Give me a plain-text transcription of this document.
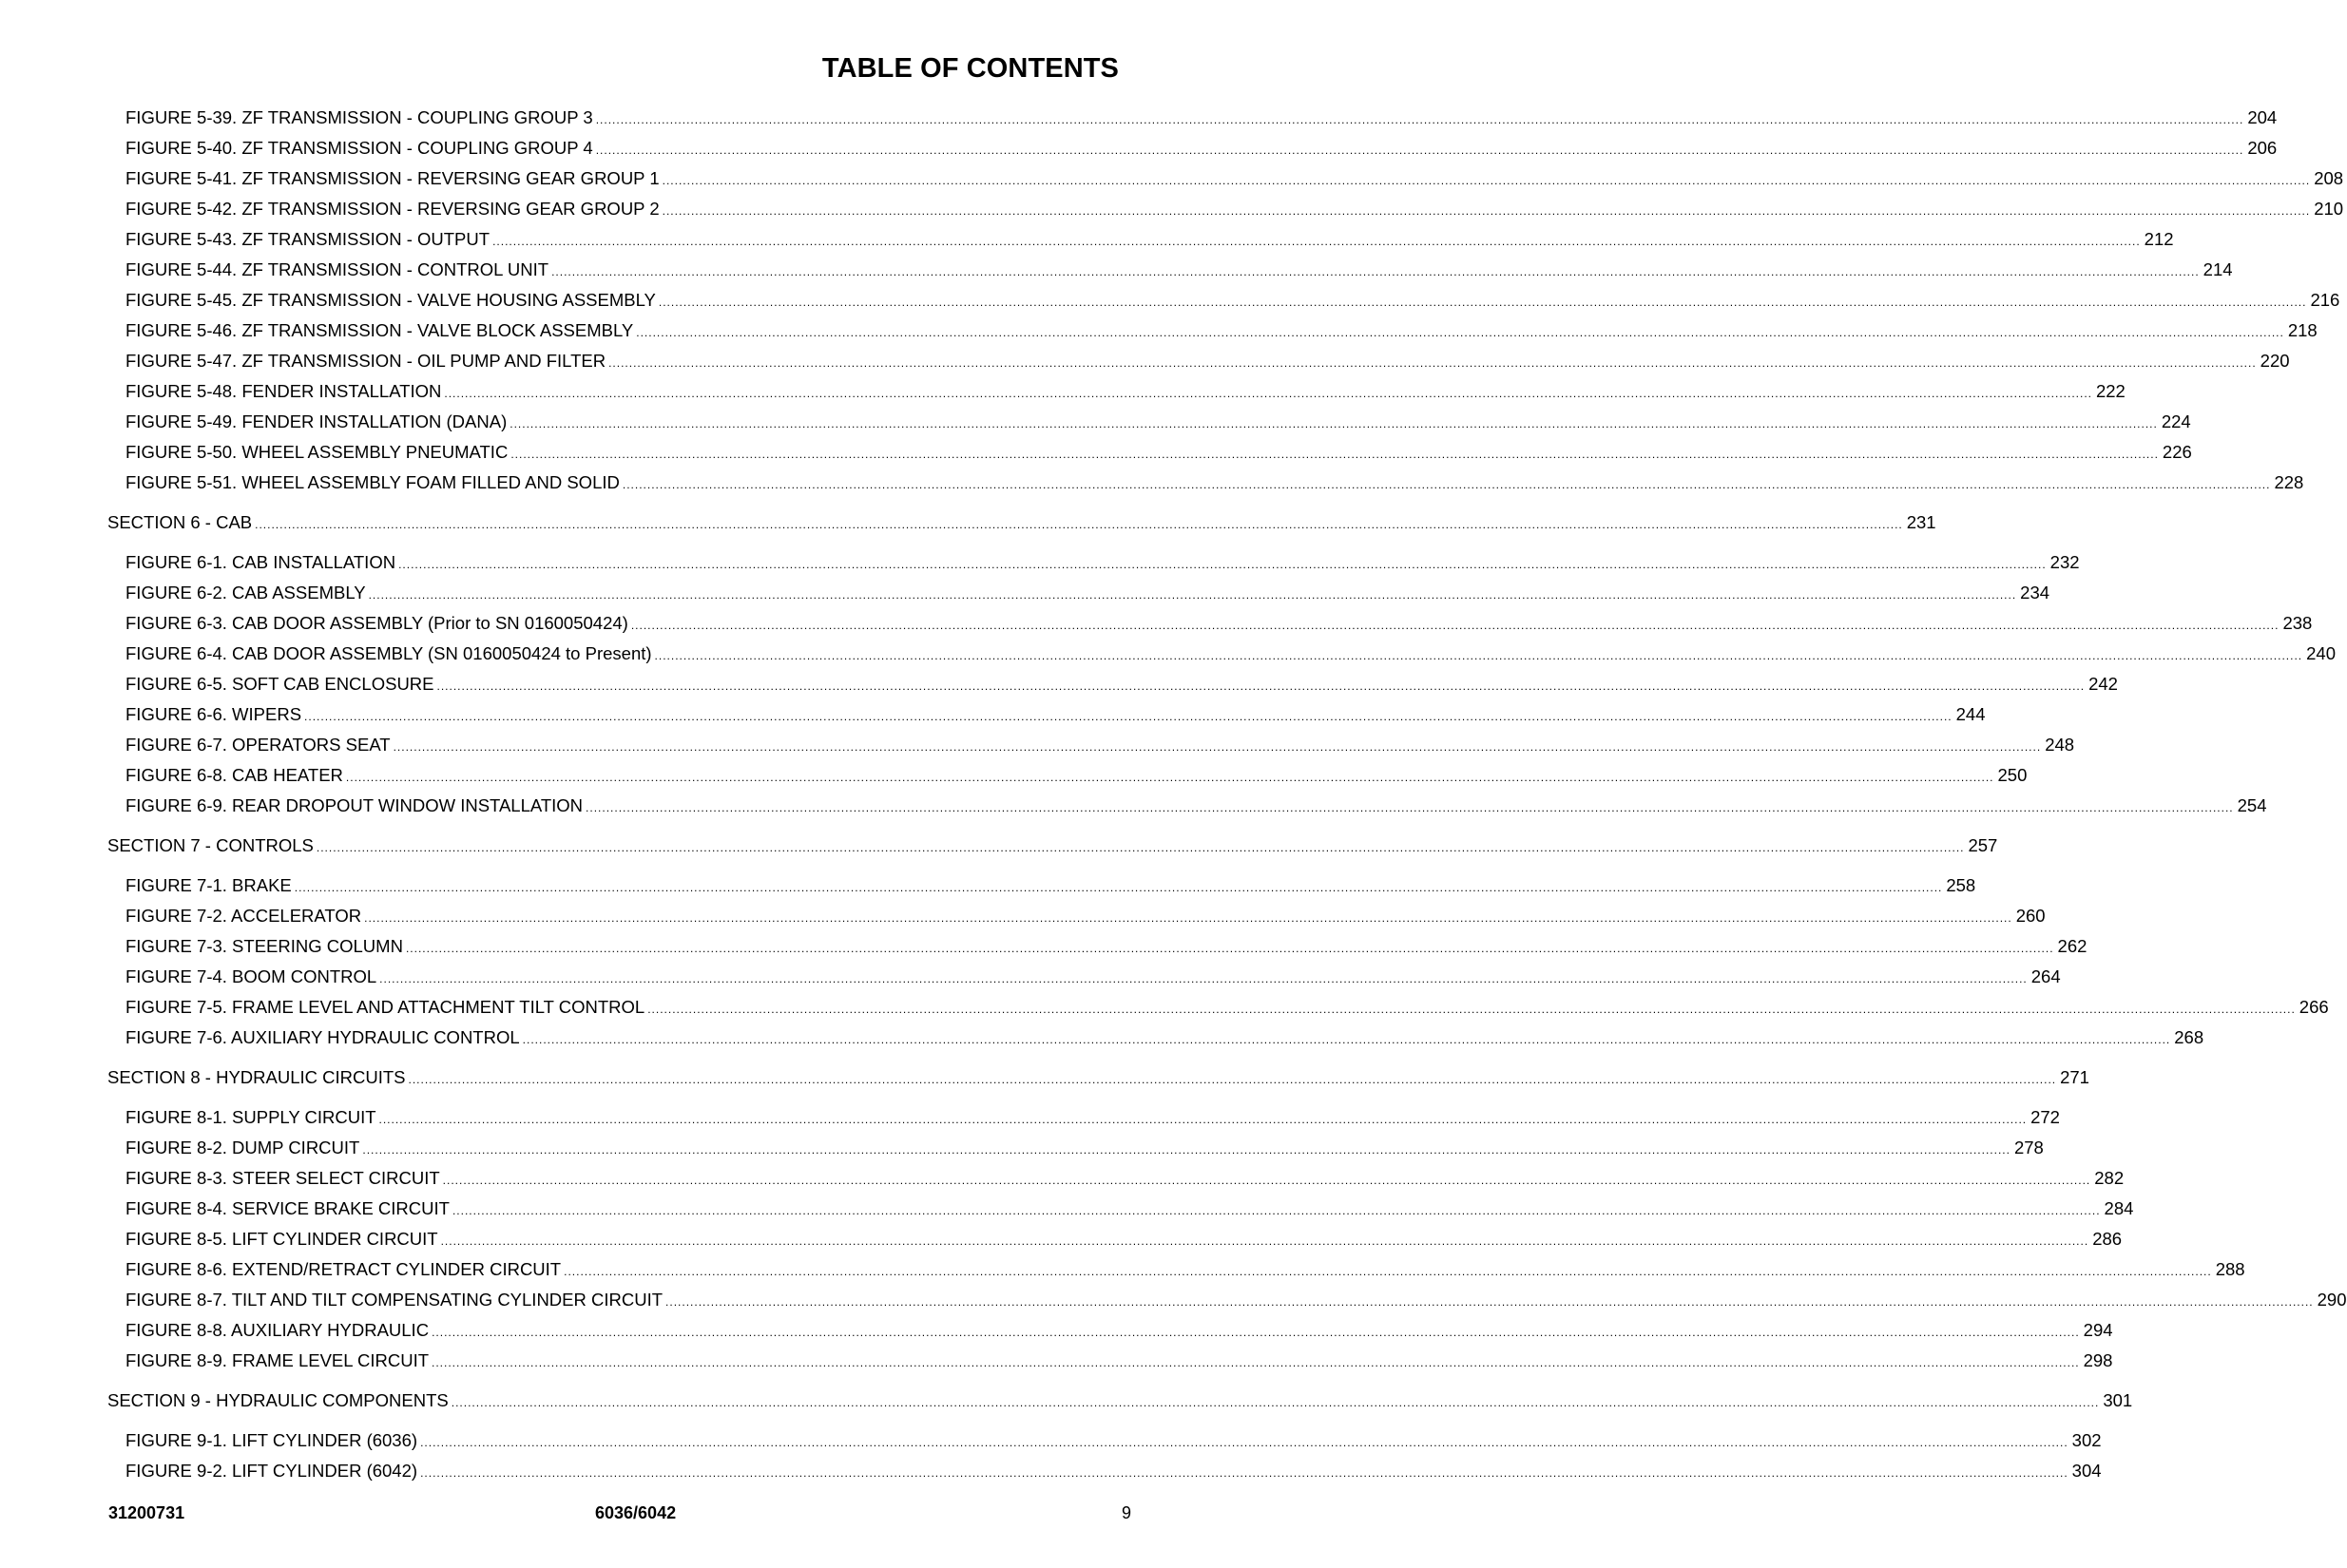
TABLE OF CONTENTS
FIGURE 5-39. ZF TRANSMISSION - COUPLING GROUP 3 ................................................................................................................................................................................................................................................................................................................................................................................................................ 204
FIGURE 5-40. ZF TRANSMISSION - COUPLING GROUP 4 ................................................................................................................................................................................................................................................................................................................................................................................................................ 206
FIGURE 5-41. ZF TRANSMISSION - REVERSING GEAR GROUP 1 ................................................................................................................................................................................................................................................................................................................................................................................................................ 208
FIGURE 5-42. ZF TRANSMISSION - REVERSING GEAR GROUP 2 ................................................................................................................................................................................................................................................................................................................................................................................................................ 210
FIGURE 5-43. ZF TRANSMISSION - OUTPUT ................................................................................................................................................................................................................................................................................................................................................................................................................ 212
FIGURE 5-44. ZF TRANSMISSION - CONTROL UNIT ................................................................................................................................................................................................................................................................................................................................................................................................................ 214
FIGURE 5-45. ZF TRANSMISSION - VALVE HOUSING ASSEMBLY ................................................................................................................................................................................................................................................................................................................................................................................................................ 216
FIGURE 5-46. ZF TRANSMISSION - VALVE BLOCK ASSEMBLY ................................................................................................................................................................................................................................................................................................................................................................................................................ 218
FIGURE 5-47. ZF TRANSMISSION - OIL PUMP AND FILTER ................................................................................................................................................................................................................................................................................................................................................................................................................ 220
FIGURE 5-48. FENDER INSTALLATION ................................................................................................................................................................................................................................................................................................................................................................................................................ 222
FIGURE 5-49. FENDER INSTALLATION (DANA) ................................................................................................................................................................................................................................................................................................................................................................................................................ 224
FIGURE 5-50. WHEEL ASSEMBLY PNEUMATIC ................................................................................................................................................................................................................................................................................................................................................................................................................ 226
FIGURE 5-51. WHEEL ASSEMBLY FOAM FILLED AND SOLID ................................................................................................................................................................................................................................................................................................................................................................................................................ 228
SECTION 6 - CAB ................................................................................................................................................................................................................................................................................................................................................................................................................ 231
FIGURE 6-1. CAB INSTALLATION ................................................................................................................................................................................................................................................................................................................................................................................................................ 232
FIGURE 6-2. CAB ASSEMBLY ................................................................................................................................................................................................................................................................................................................................................................................................................ 234
FIGURE 6-3. CAB DOOR ASSEMBLY (Prior to SN 0160050424) ................................................................................................................................................................................................................................................................................................................................................................................................................ 238
FIGURE 6-4. CAB DOOR ASSEMBLY (SN 0160050424 to Present) ................................................................................................................................................................................................................................................................................................................................................................................................................ 240
FIGURE 6-5. SOFT CAB ENCLOSURE ................................................................................................................................................................................................................................................................................................................................................................................................................ 242
FIGURE 6-6. WIPERS ................................................................................................................................................................................................................................................................................................................................................................................................................ 244
FIGURE 6-7. OPERATORS SEAT ................................................................................................................................................................................................................................................................................................................................................................................................................ 248
FIGURE 6-8. CAB HEATER ................................................................................................................................................................................................................................................................................................................................................................................................................ 250
FIGURE 6-9. REAR DROPOUT WINDOW INSTALLATION ................................................................................................................................................................................................................................................................................................................................................................................................................ 254
SECTION 7 - CONTROLS ................................................................................................................................................................................................................................................................................................................................................................................................................ 257
FIGURE 7-1. BRAKE ................................................................................................................................................................................................................................................................................................................................................................................................................ 258
FIGURE 7-2. ACCELERATOR ................................................................................................................................................................................................................................................................................................................................................................................................................ 260
FIGURE 7-3. STEERING COLUMN ................................................................................................................................................................................................................................................................................................................................................................................................................ 262
FIGURE 7-4. BOOM CONTROL ................................................................................................................................................................................................................................................................................................................................................................................................................ 264
FIGURE 7-5. FRAME LEVEL AND ATTACHMENT TILT CONTROL ................................................................................................................................................................................................................................................................................................................................................................................................................ 266
FIGURE 7-6. AUXILIARY HYDRAULIC CONTROL ................................................................................................................................................................................................................................................................................................................................................................................................................ 268
SECTION 8 - HYDRAULIC CIRCUITS ................................................................................................................................................................................................................................................................................................................................................................................................................ 271
FIGURE 8-1. SUPPLY CIRCUIT ................................................................................................................................................................................................................................................................................................................................................................................................................ 272
FIGURE 8-2. DUMP CIRCUIT ................................................................................................................................................................................................................................................................................................................................................................................................................ 278
FIGURE 8-3. STEER SELECT CIRCUIT ................................................................................................................................................................................................................................................................................................................................................................................................................ 282
FIGURE 8-4. SERVICE BRAKE CIRCUIT ................................................................................................................................................................................................................................................................................................................................................................................................................ 284
FIGURE 8-5. LIFT CYLINDER CIRCUIT ................................................................................................................................................................................................................................................................................................................................................................................................................ 286
FIGURE 8-6. EXTEND/RETRACT CYLINDER CIRCUIT ................................................................................................................................................................................................................................................................................................................................................................................................................ 288
FIGURE 8-7. TILT AND TILT COMPENSATING CYLINDER CIRCUIT ................................................................................................................................................................................................................................................................................................................................................................................................................ 290
FIGURE 8-8. AUXILIARY HYDRAULIC ................................................................................................................................................................................................................................................................................................................................................................................................................ 294
FIGURE 8-9. FRAME LEVEL CIRCUIT ................................................................................................................................................................................................................................................................................................................................................................................................................ 298
SECTION 9 - HYDRAULIC COMPONENTS ................................................................................................................................................................................................................................................................................................................................................................................................................ 301
FIGURE 9-1. LIFT CYLINDER (6036) ................................................................................................................................................................................................................................................................................................................................................................................................................ 302
FIGURE 9-2. LIFT CYLINDER (6042) ................................................................................................................................................................................................................................................................................................................................................................................................................ 304
31200731	6036/6042	9
